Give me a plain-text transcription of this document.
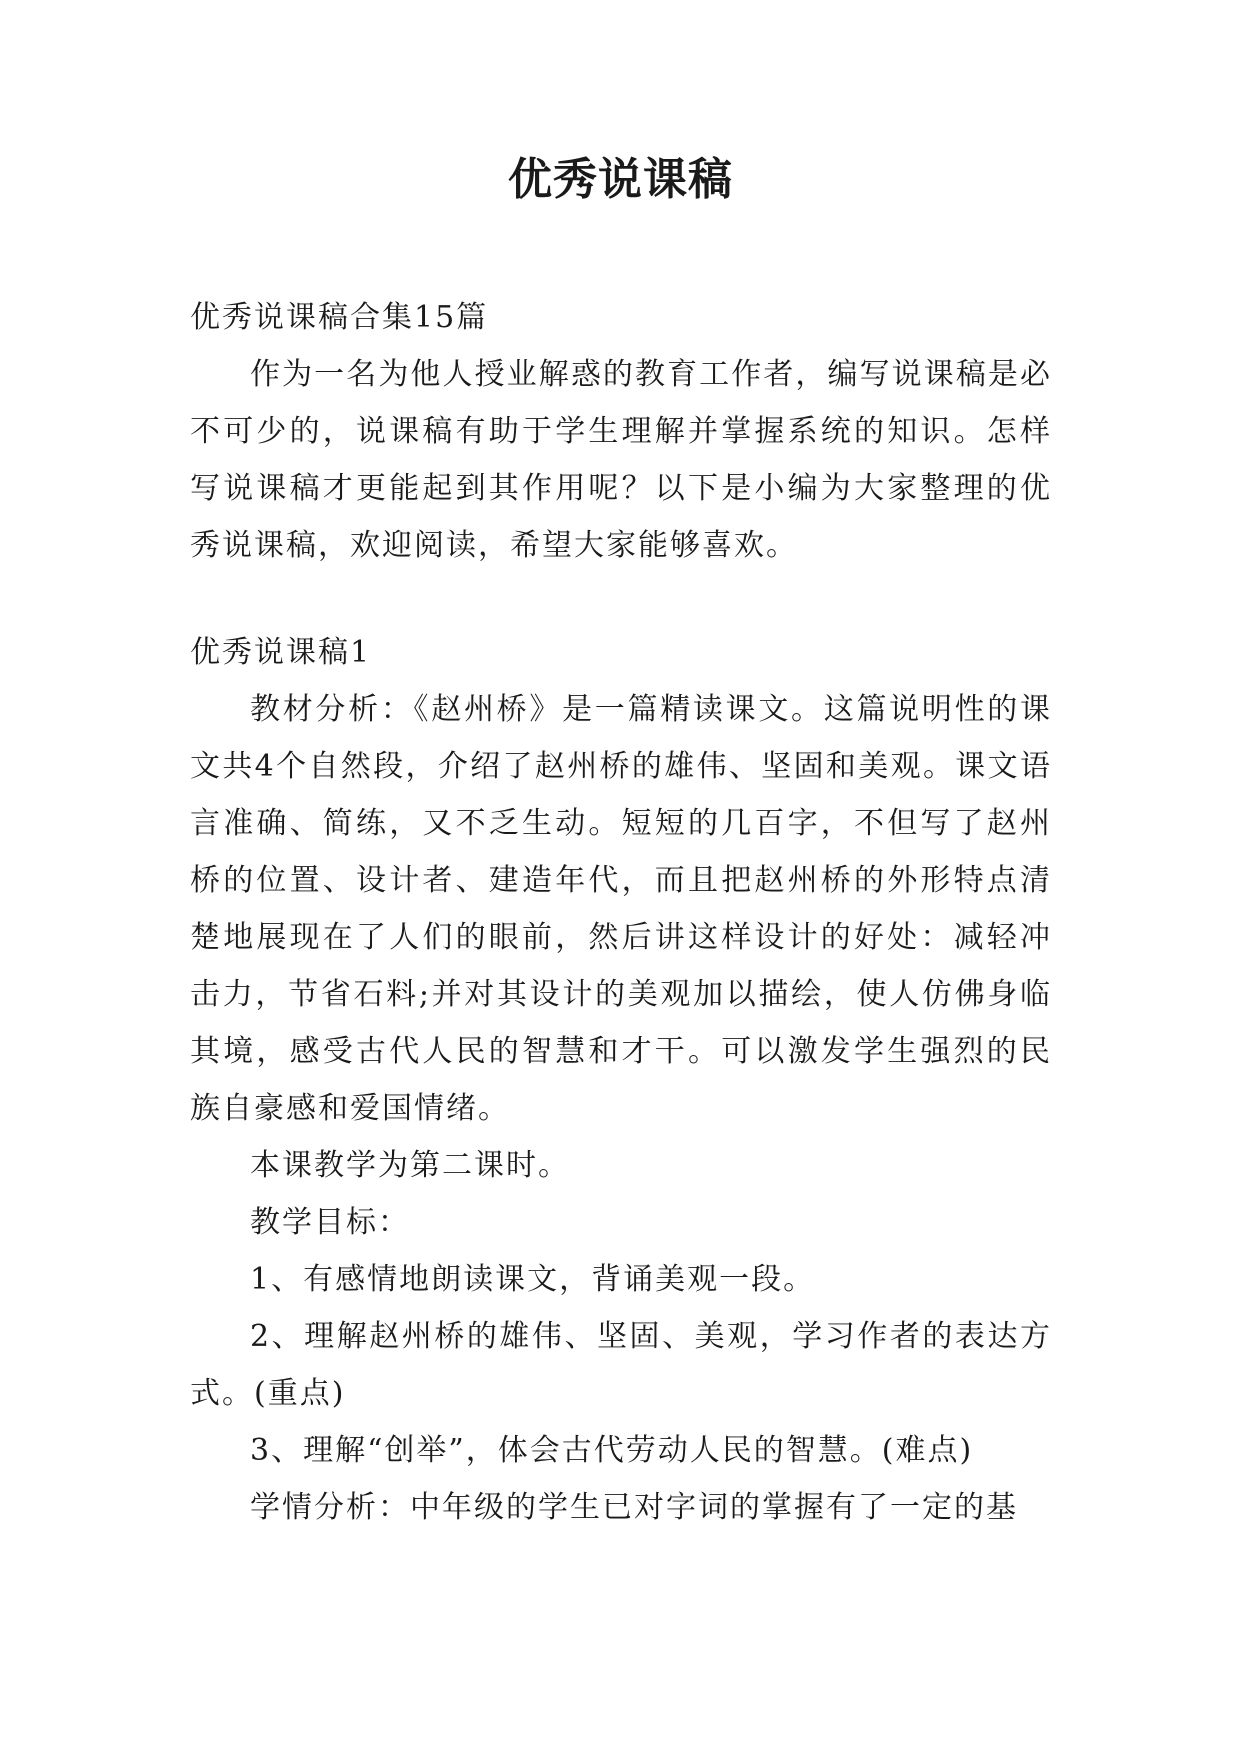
优秀说课稿

优秀说课稿合集15篇

作为一名为他人授业解惑的教育工作者，编写说课稿是必不可少的，说课稿有助于学生理解并掌握系统的知识。怎样写说课稿才更能起到其作用呢？以下是小编为大家整理的优秀说课稿，欢迎阅读，希望大家能够喜欢。

优秀说课稿1

教材分析：《赵州桥》是一篇精读课文。这篇说明性的课文共4个自然段，介绍了赵州桥的雄伟、坚固和美观。课文语言准确、简练，又不乏生动。短短的几百字，不但写了赵州桥的位置、设计者、建造年代，而且把赵州桥的外形特点清楚地展现在了人们的眼前，然后讲这样设计的好处：减轻冲击力，节省石料;并对其设计的美观加以描绘，使人仿佛身临其境，感受古代人民的智慧和才干。可以激发学生强烈的民族自豪感和爱国情绪。

本课教学为第二课时。

教学目标：

1、有感情地朗读课文，背诵美观一段。

2、理解赵州桥的雄伟、坚固、美观，学习作者的表达方式。(重点)

3、理解“创举”，体会古代劳动人民的智慧。(难点)

学情分析：中年级的学生已对字词的掌握有了一定的基
